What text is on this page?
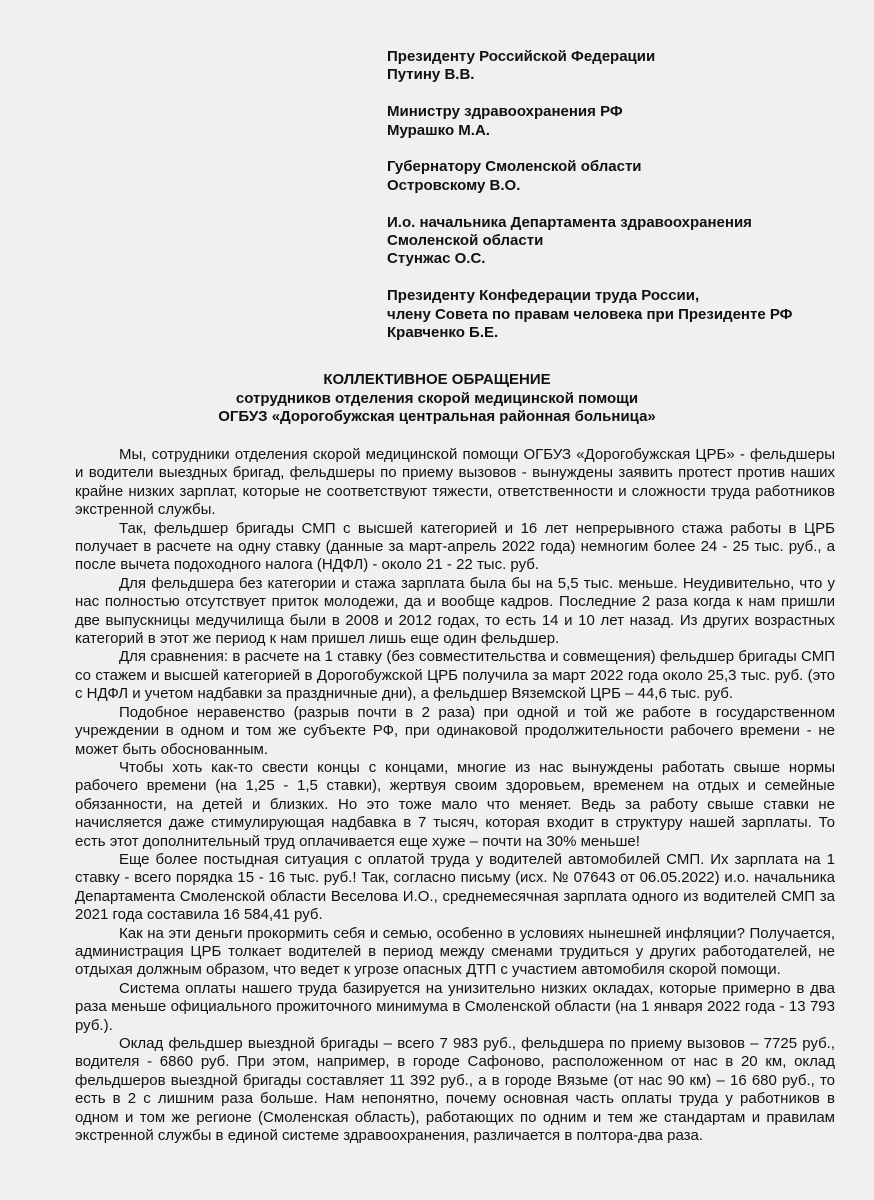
Президенту Российской Федерации
Путину В.В.
Министру здравоохранения РФ
Мурашко М.А.
Губернатору Смоленской области
Островскому В.О.
И.о. начальника Департамента здравоохранения
Смоленской области
Стунжас О.С.
Президенту Конфедерации труда России,
члену Совета по правам человека при Президенте РФ
Кравченко Б.Е.
КОЛЛЕКТИВНОЕ ОБРАЩЕНИЕ
сотрудников отделения скорой медицинской помощи
ОГБУЗ «Дорогобужская центральная районная больница»

Мы, сотрудники отделения скорой медицинской помощи ОГБУЗ «Дорогобужская ЦРБ» - фельдшеры и водители выездных бригад, фельдшеры по приему вызовов - вынуждены заявить протест против наших крайне низких зарплат, которые не соответствуют тяжести, ответственности и сложности труда работников экстренной службы.

Так, фельдшер бригады СМП с высшей категорией и 16 лет непрерывного стажа работы в ЦРБ получает в расчете на одну ставку (данные за март-апрель 2022 года) немногим более 24 - 25 тыс. руб., а после вычета подоходного налога (НДФЛ) - около 21 - 22 тыс. руб.

Для фельдшера без категории и стажа зарплата была бы на 5,5 тыс. меньше. Неудивительно, что у нас полностью отсутствует приток молодежи, да и вообще кадров. Последние 2 раза когда к нам пришли две выпускницы медучилища были в 2008 и 2012 годах, то есть 14 и 10 лет назад. Из других возрастных категорий в этот же период к нам пришел лишь еще один фельдшер.

Для сравнения: в расчете на 1 ставку (без совместительства и совмещения) фельдшер бригады СМП со стажем и высшей категорией в Дорогобужской ЦРБ получила за март 2022 года около 25,3 тыс. руб. (это с НДФЛ и учетом надбавки за праздничные дни), а фельдшер Вяземской ЦРБ – 44,6 тыс. руб.

Подобное неравенство (разрыв почти в 2 раза) при одной и той же работе в государственном учреждении в одном и том же субъекте РФ, при одинаковой продолжительности рабочего времени - не может быть обоснованным.

Чтобы хоть как-то свести концы с концами, многие из нас вынуждены работать свыше нормы рабочего времени (на 1,25 - 1,5 ставки), жертвуя своим здоровьем, временем на отдых и семейные обязанности, на детей и близких. Но это тоже мало что меняет. Ведь за работу свыше ставки не начисляется даже стимулирующая надбавка в 7 тысяч, которая входит в структуру нашей зарплаты. То есть этот дополнительный труд оплачивается еще хуже – почти на 30% меньше!

Еще более постыдная ситуация с оплатой труда у водителей автомобилей СМП. Их зарплата на 1 ставку - всего порядка 15 - 16 тыс. руб.! Так, согласно письму (исх. № 07643 от 06.05.2022) и.о. начальника Департамента Смоленской области Веселова И.О., среднемесячная зарплата одного из водителей СМП за 2021 года составила 16 584,41 руб.

Как на эти деньги прокормить себя и семью, особенно в условиях нынешней инфляции? Получается, администрация ЦРБ толкает водителей в период между сменами трудиться у других работодателей, не отдыхая должным образом, что ведет к угрозе опасных ДТП с участием автомобиля скорой помощи.

Система оплаты нашего труда базируется на унизительно низких окладах, которые примерно в два раза меньше официального прожиточного минимума в Смоленской области (на 1 января 2022 года - 13 793 руб.).

Оклад фельдшер выездной бригады – всего 7 983 руб., фельдшера по приему вызовов – 7725 руб., водителя - 6860 руб. При этом, например, в городе Сафоново, расположенном от нас в 20 км, оклад фельдшеров выездной бригады составляет 11 392 руб., а в городе Вязьме (от нас 90 км) – 16 680 руб., то есть в 2 с лишним раза больше. Нам непонятно, почему основная часть оплаты труда у работников в одном и том же регионе (Смоленская область), работающих по одним и тем же стандартам и правилам экстренной службы в единой системе здравоохранения, различается в полтора-два раза.
